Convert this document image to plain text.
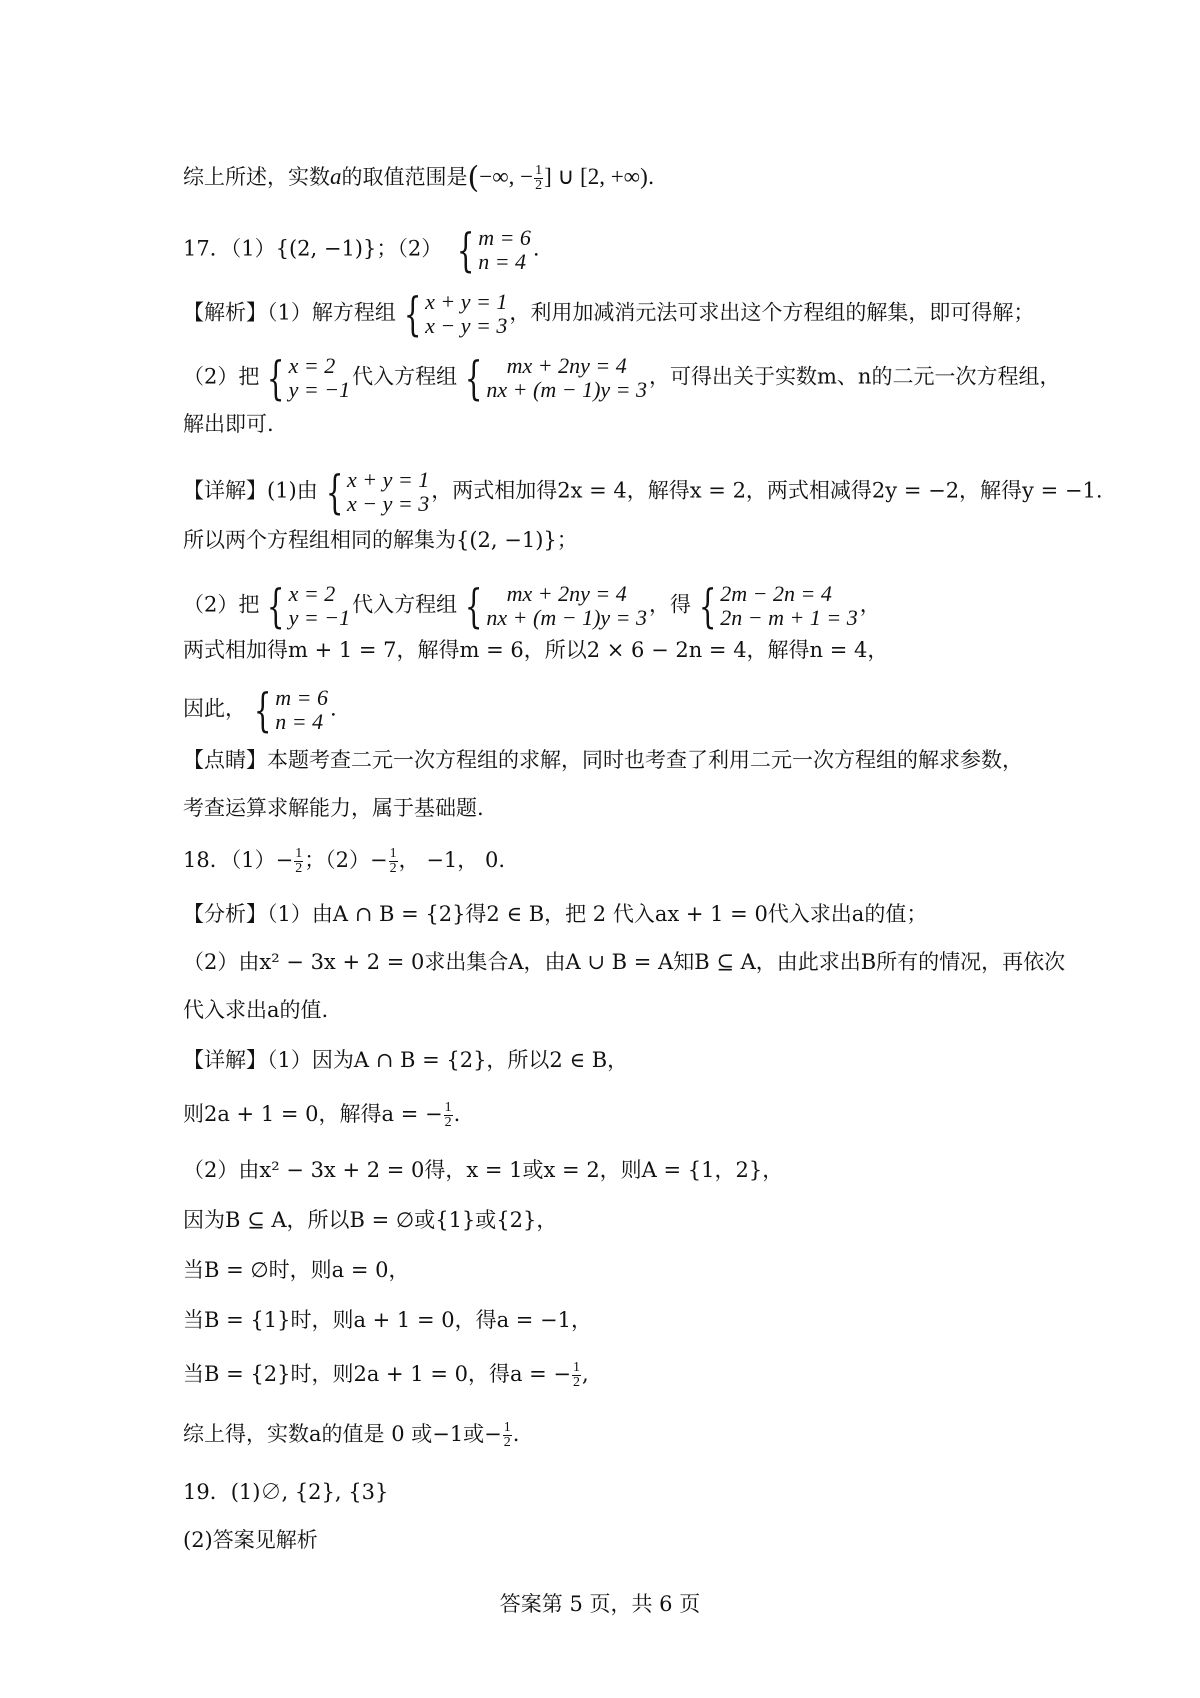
综上所述，实数a的取值范围是(−∞, − $\frac{1}{2}$ ] ∪ [2, +∞).
17．（1）{(2, −1)}；（2） { m = 6
n = 4
.
【解析】（1）解方程组 { x + y = 1
x − y = 3
，利用加减消元法可求出这个方程组的解集，即可得解；
（2）把 { x = 2
y = −1
代入方程组 { mx + 2ny = 4
nx + (m − 1)y = 3
，可得出关于实数m、n的二元一次方程组，
解出即可.
【详解】(1)由 { x + y = 1
x − y = 3
，两式相加得2x = 4，解得x = 2，两式相减得2y = −2，解得y = −1.
所以两个方程组相同的解集为{(2, −1)}；
（2）把 { x = 2
y = −1
代入方程组 { mx + 2ny = 4
nx + (m − 1)y = 3
，得 { 2m − 2n = 4
2n − m + 1 = 3
，
两式相加得m + 1 = 7，解得m = 6，所以2 × 6 − 2n = 4，解得n = 4，
因此， { m = 6
n = 4
.
【点睛】本题考查二元一次方程组的求解，同时也考查了利用二元一次方程组的解求参数，
考查运算求解能力，属于基础题.
18．$(1)- \frac{1}{2}$ ；$(2)- \frac{1}{2}$ ， −1， 0.
【分析】（1）由A ∩ B = {2}得2 ∈ B，把 2 代入ax + 1 = 0代入求出a的值；
（2）由x² − 3x + 2 = 0求出集合A，由A ∪ B = A知B ⊆ A，由此求出B所有的情况，再依次
代入求出a的值.
【详解】（1）因为A ∩ B = {2}，所以2 ∈ B，
则2a + 1 = 0，解得a = − $\frac{1}{2}$ .
（2）由x² − 3x + 2 = 0得，x = 1或x = 2，则A = {1，2}，
因为B ⊆ A，所以B = ∅或{1}或{2}，
当B = ∅时，则a = 0，
当B = {1}时，则a + 1 = 0，得a = −1，
当B = {2}时，则2a + 1 = 0，得a = − $\frac{1}{2}$ ,
综上得，实数a的值是 0 或−1或− $\frac{1}{2}$ .
19．(1)∅, {2}, {3}
(2)答案见解析
答案第 5 页，共 6 页
